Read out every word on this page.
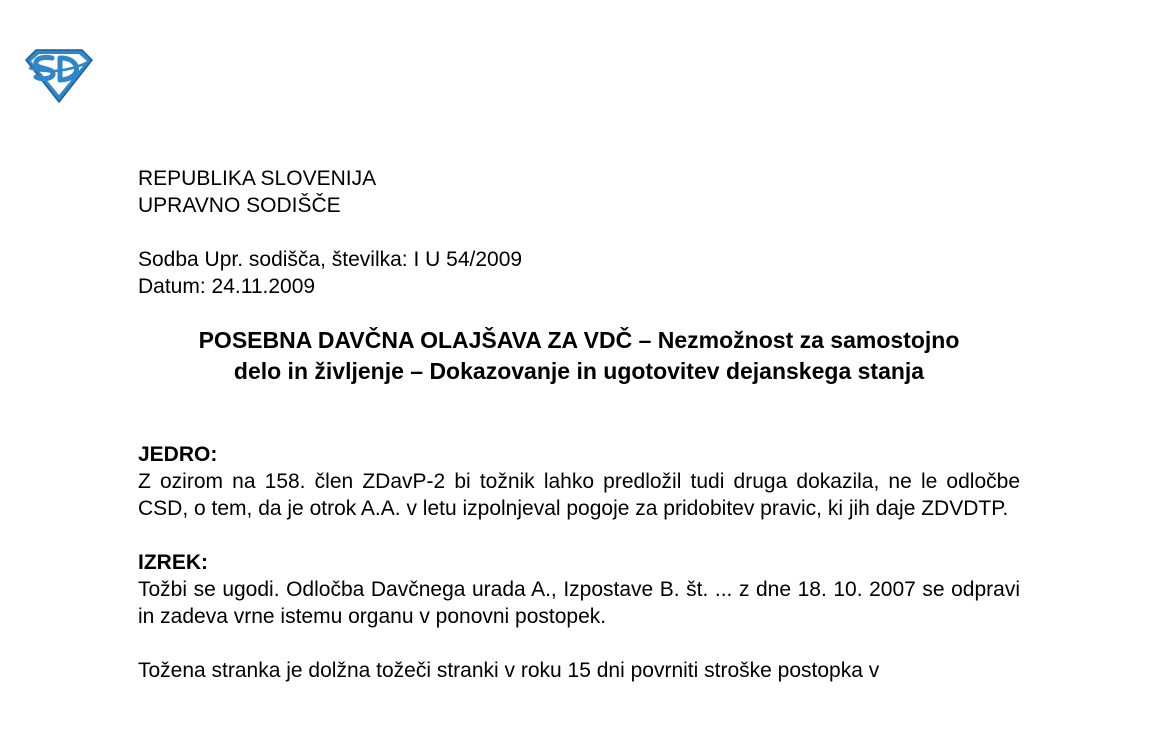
REPUBLIKA SLOVENIJA

UPRAVNO SODIŠČE

Sodba Upr. sodišča, številka: I U 54/2009

Datum: 24.11.2009

POSEBNA DAVČNA OLAJŠAVA ZA VDČ – Nezmožnost za samostojno delo in življenje – Dokazovanje in ugotovitev dejanskega stanja

JEDRO:

Z ozirom na 158. člen ZDavP-2 bi tožnik lahko predložil tudi druga dokazila, ne le odločbe CSD, o tem, da je otrok A.A. v letu izpolnjeval pogoje za pridobitev pravic, ki jih daje ZDVDTP.

IZREK:

Tožbi se ugodi. Odločba Davčnega urada A., Izpostave B. št. ... z dne 18. 10. 2007 se odpravi in zadeva vrne istemu organu v ponovni postopek.

Tožena stranka je dolžna tožeči stranki v roku 15 dni povrniti stroške postopka v
